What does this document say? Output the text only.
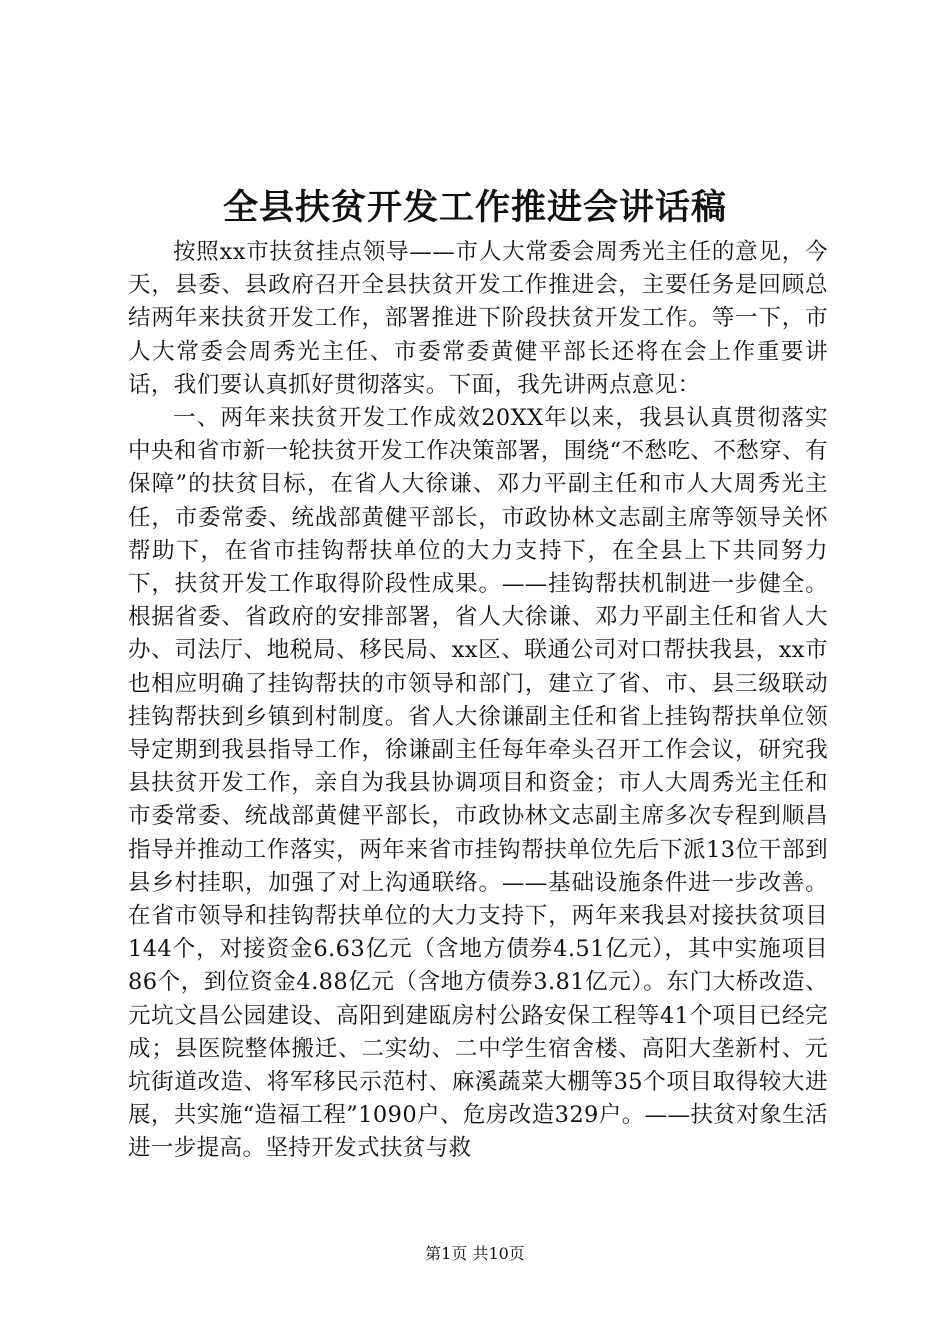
全县扶贫开发工作推进会讲话稿

按照xx市扶贫挂点领导——市人大常委会周秀光主任的意见，今天，县委、县政府召开全县扶贫开发工作推进会，主要任务是回顾总结两年来扶贫开发工作，部署推进下阶段扶贫开发工作。等一下，市人大常委会周秀光主任、市委常委黄健平部长还将在会上作重要讲话，我们要认真抓好贯彻落实。下面，我先讲两点意见：

一、两年来扶贫开发工作成效20XX年以来，我县认真贯彻落实中央和省市新一轮扶贫开发工作决策部署，围绕“不愁吃、不愁穿、有保障”的扶贫目标，在省人大徐谦、邓力平副主任和市人大周秀光主任，市委常委、统战部黄健平部长，市政协林文志副主席等领导关怀帮助下，在省市挂钩帮扶单位的大力支持下，在全县上下共同努力下，扶贫开发工作取得阶段性成果。——挂钩帮扶机制进一步健全。根据省委、省政府的安排部署，省人大徐谦、邓力平副主任和省人大办、司法厅、地税局、移民局、xx区、联通公司对口帮扶我县，xx市也相应明确了挂钩帮扶的市领导和部门，建立了省、市、县三级联动挂钩帮扶到乡镇到村制度。省人大徐谦副主任和省上挂钩帮扶单位领导定期到我县指导工作，徐谦副主任每年牵头召开工作会议，研究我县扶贫开发工作，亲自为我县协调项目和资金；市人大周秀光主任和市委常委、统战部黄健平部长，市政协林文志副主席多次专程到顺昌指导并推动工作落实，两年来省市挂钩帮扶单位先后下派13位干部到县乡村挂职，加强了对上沟通联络。——基础设施条件进一步改善。在省市领导和挂钩帮扶单位的大力支持下，两年来我县对接扶贫项目144个，对接资金6.63亿元（含地方债券4.51亿元），其中实施项目86个，到位资金4.88亿元（含地方债券3.81亿元）。东门大桥改造、元坑文昌公园建设、高阳到建瓯房村公路安保工程等41个项目已经完成；县医院整体搬迁、二实幼、二中学生宿舍楼、高阳大垄新村、元坑街道改造、将军移民示范村、麻溪蔬菜大棚等35个项目取得较大进展，共实施“造福工程”1090户、危房改造329户。——扶贫对象生活进一步提高。坚持开发式扶贫与救

第1页 共10页
